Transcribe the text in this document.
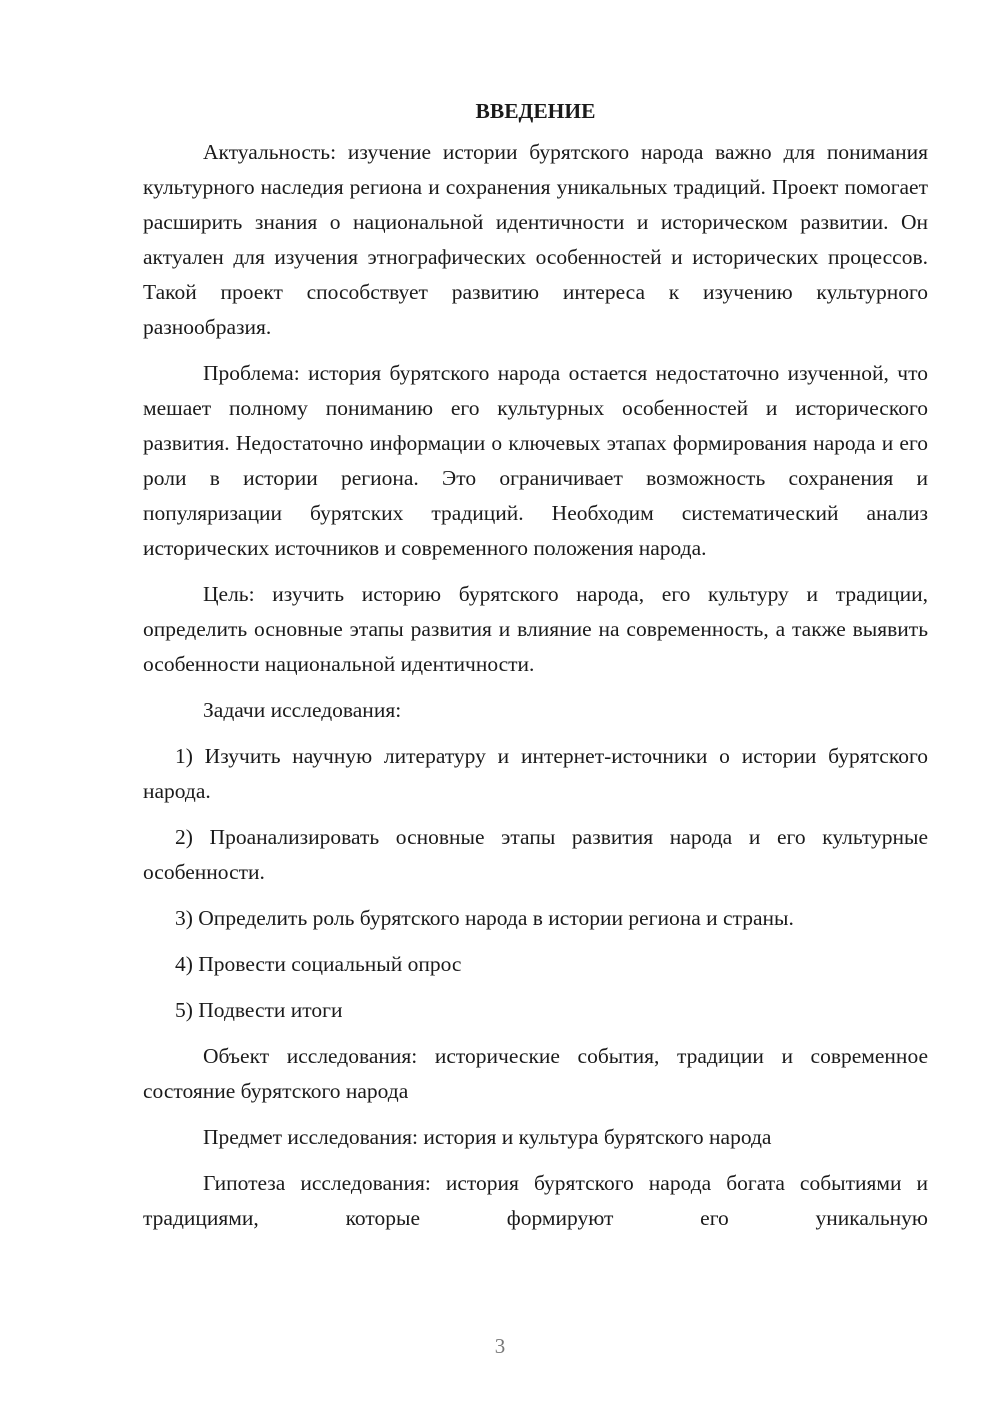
ВВЕДЕНИЕ

Актуальность: изучение истории бурятского народа важно для понимания культурного наследия региона и сохранения уникальных традиций. Проект помогает расширить знания о национальной идентичности и историческом развитии. Он актуален для изучения этнографических особенностей и исторических процессов. Такой проект способствует развитию интереса к изучению культурного разнообразия.

Проблема: история бурятского народа остается недостаточно изученной, что мешает полному пониманию его культурных особенностей и исторического развития. Недостаточно информации о ключевых этапах формирования народа и его роли в истории региона. Это ограничивает возможность сохранения и популяризации бурятских традиций. Необходим систематический анализ исторических источников и современного положения народа.

Цель: изучить историю бурятского народа, его культуру и традиции, определить основные этапы развития и влияние на современность, а также выявить особенности национальной идентичности.

Задачи исследования:

1) Изучить научную литературу и интернет-источники о истории бурятского народа.

2) Проанализировать основные этапы развития народа и его культурные особенности.

3) Определить роль бурятского народа в истории региона и страны.

4) Провести социальный опрос

5) Подвести итоги

Объект исследования: исторические события, традиции и современное состояние бурятского народа

Предмет исследования: история и культура бурятского народа

Гипотеза исследования: история бурятского народа богата событиями и традициями, которые формируют его уникальную

3
